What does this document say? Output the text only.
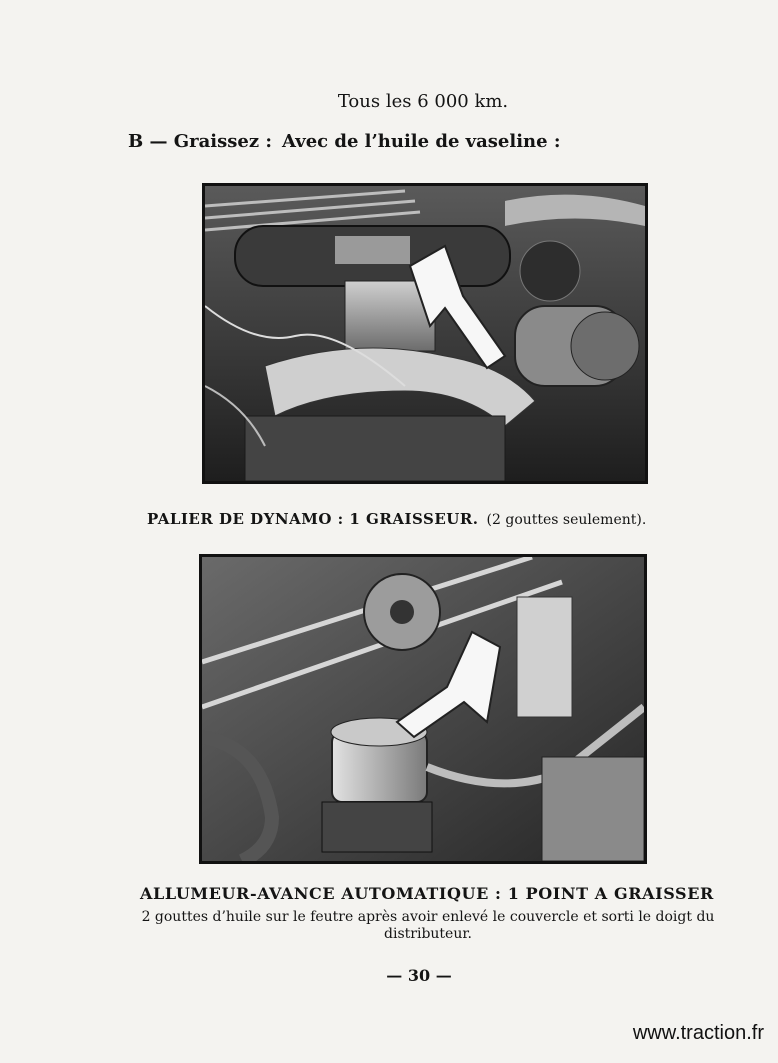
Tous les 6 000 km.
B — Graissez : Avec de l’huile de vaseline :
PALIER DE DYNAMO : 1 GRAISSEUR. (2 gouttes seulement).
ALLUMEUR-AVANCE AUTOMATIQUE : 1 POINT A GRAISSER
2 gouttes d’huile sur le feutre après avoir enlevé le couvercle et sorti le doigt du distributeur.
— 30 —
www.traction.fr
